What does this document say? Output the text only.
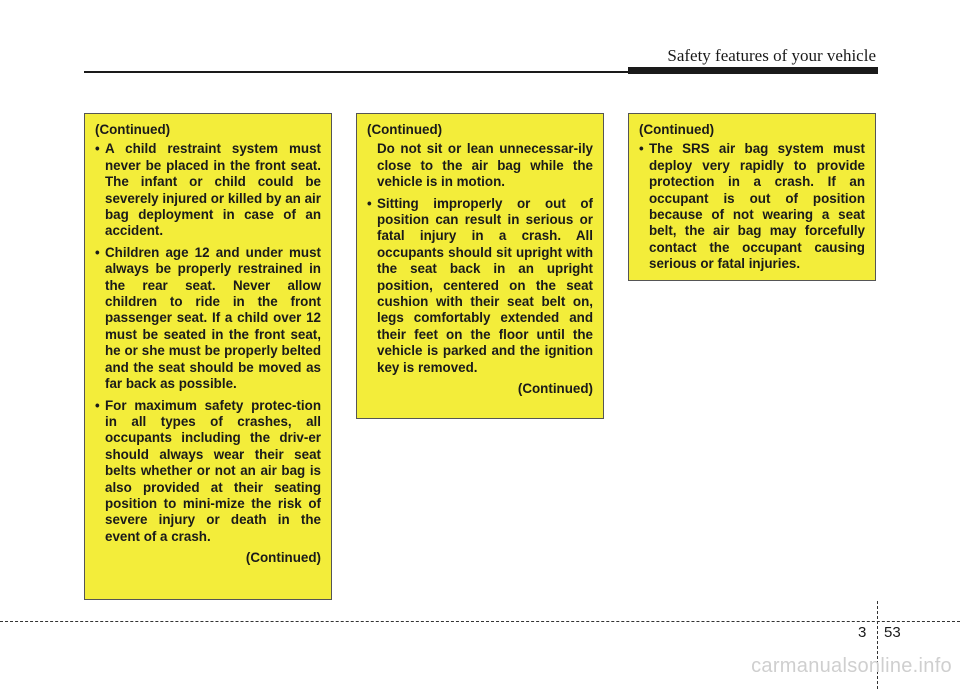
Safety features of your vehicle

(Continued)

• A child restraint system must never be placed in the front seat. The infant or child could be severely injured or killed by an air bag deployment in case of an accident.
• Children age 12 and under must always be properly restrained in the rear seat. Never allow children to ride in the front passenger seat. If a child over 12 must be seated in the front seat, he or she must be properly belted and the seat should be moved as far back as possible.
• For maximum safety protec-tion in all types of crashes, all occupants including the driv-er should always wear their seat belts whether or not an air bag is also provided at their seating position to mini-mize the risk of severe injury or death in the event of a crash.

(Continued)

(Continued)

Do not sit or lean unnecessar-ily close to the air bag while the vehicle is in motion.

• Sitting improperly or out of position can result in serious or fatal injury in a crash. All occupants should sit upright with the seat back in an upright position, centered on the seat cushion with their seat belt on, legs comfortably extended and their feet on the floor until the vehicle is parked and the ignition key is removed.

(Continued)

(Continued)

• The SRS air bag system must deploy very rapidly to provide protection in a crash. If an occupant is out of position because of not wearing a seat belt, the air bag may forcefully contact the occupant causing serious or fatal injuries.
3 53
carmanualsonline.info
